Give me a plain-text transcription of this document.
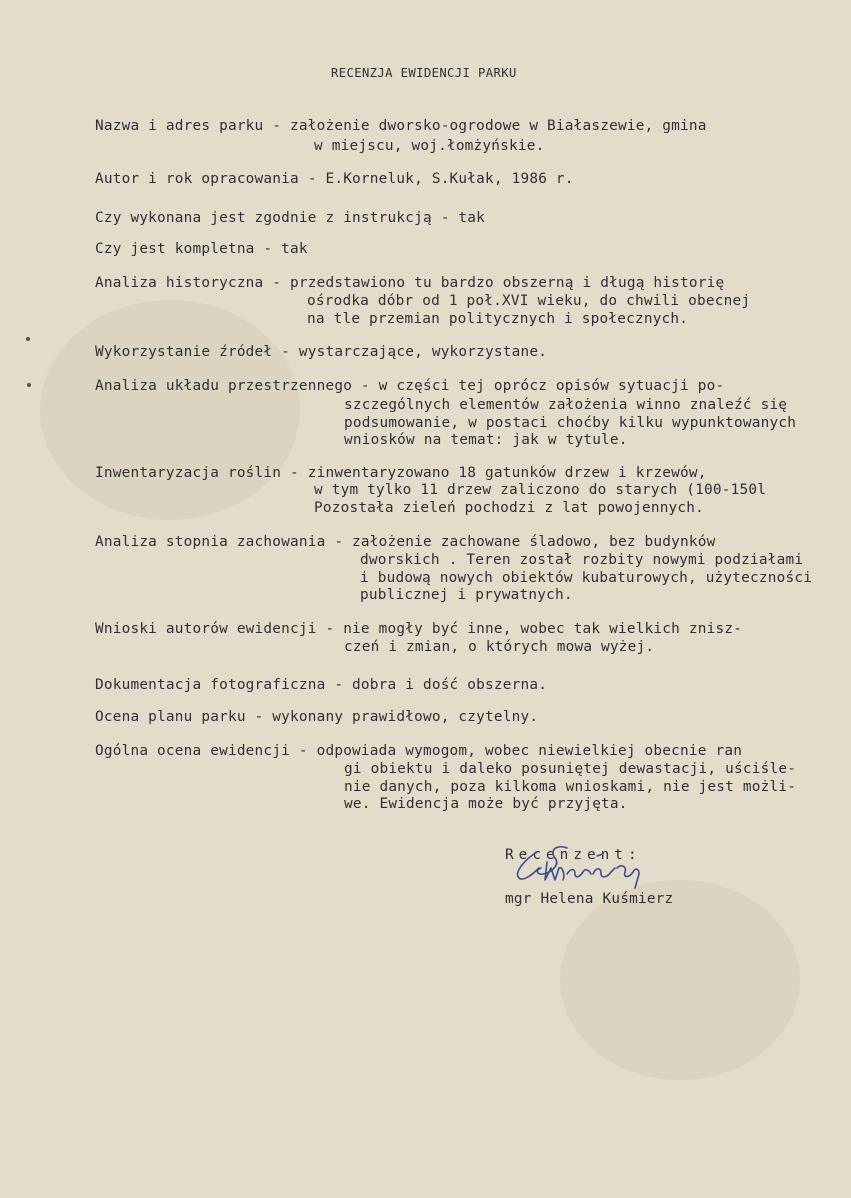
RECENZJA EWIDENCJI PARKU
Nazwa i adres parku - założenie dworsko-ogrodowe w Białaszewie, gmina
w miejscu, woj.łomżyńskie.
Autor i rok opracowania - E.Korneluk, S.Kułak, 1986 r.
Czy wykonana jest zgodnie z instrukcją - tak
Czy jest kompletna - tak
Analiza historyczna - przedstawiono tu bardzo obszerną i długą historię
ośrodka dóbr od 1 poł.XVI wieku, do chwili obecnej
na tle przemian politycznych i społecznych.
Wykorzystanie źródeł - wystarczające, wykorzystane.
Analiza układu przestrzennego - w części tej oprócz opisów sytuacji po-
szczególnych elementów założenia winno znaleźć się
podsumowanie, w postaci choćby kilku wypunktowanych
wniosków na temat: jak w tytule.
Inwentaryzacja roślin - zinwentaryzowano 18 gatunków drzew i krzewów,
w tym tylko 11 drzew zaliczono do starych (100-150l
Pozostała zieleń pochodzi z lat powojennych.
Analiza stopnia zachowania - założenie zachowane śladowo, bez budynków
dworskich . Teren został rozbity nowymi podziałami
i budową nowych obiektów kubaturowych, użyteczności
publicznej i prywatnych.
Wnioski autorów ewidencji - nie mogły być inne, wobec tak wielkich znisz-
czeń i zmian, o których mowa wyżej.
Dokumentacja fotograficzna - dobra i dość obszerna.
Ocena planu parku - wykonany prawidłowo, czytelny.
Ogólna ocena ewidencji - odpowiada wymogom, wobec niewielkiej obecnie ran
gi obiektu i daleko posuniętej dewastacji, uściśle-
nie danych, poza kilkoma wnioskami, nie jest możli-
we. Ewidencja może być przyjęta.
Recenzent:
mgr Helena Kuśmierz
